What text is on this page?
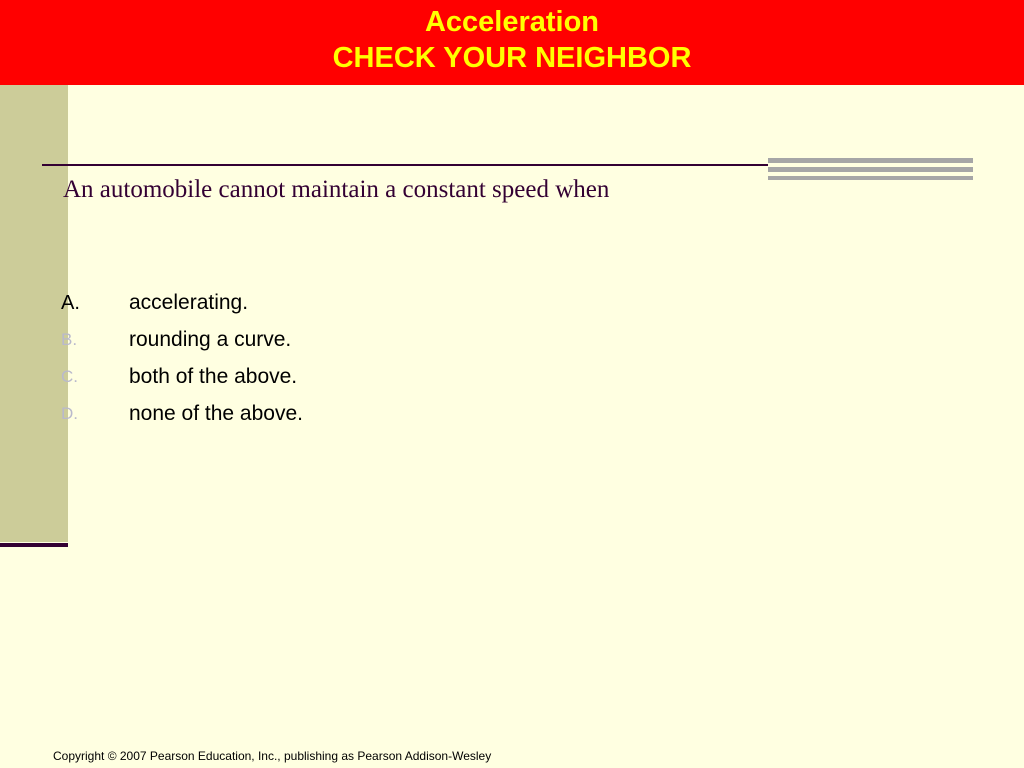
Acceleration
CHECK YOUR NEIGHBOR
An automobile cannot maintain a constant speed when
A. accelerating.
B. rounding a curve.
C. both of the above.
D. none of the above.
Copyright © 2007 Pearson Education, Inc., publishing as Pearson Addison-Wesley
